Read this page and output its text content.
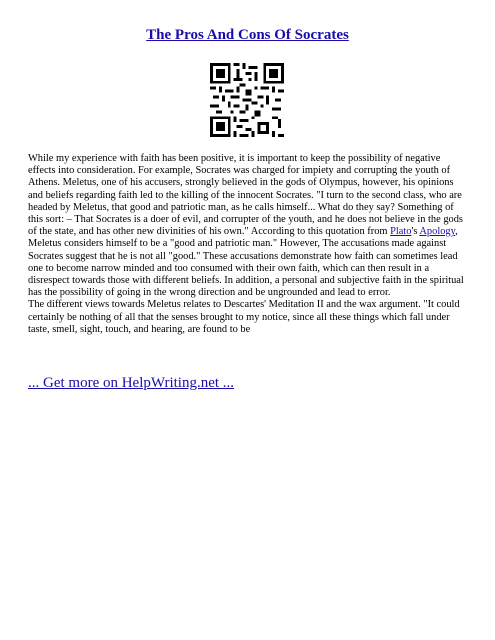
The Pros And Cons Of Socrates

While my experience with faith has been positive, it is important to keep the possibility of negative effects into consideration. For example, Socrates was charged for impiety and corrupting the youth of Athens. Meletus, one of his accusers, strongly believed in the gods of Olympus, however, his opinions and beliefs regarding faith led to the killing of the innocent Socrates. "I turn to the second class, who are headed by Meletus, that good and patriotic man, as he calls himself... What do they say? Something of this sort: – That Socrates is a doer of evil, and corrupter of the youth, and he does not believe in the gods of the state, and has other new divinities of his own." According to this quotation from Plato's Apology, Meletus considers himself to be a "good and patriotic man." However, The accusations made against Socrates suggest that he is not all "good." These accusations demonstrate how faith can sometimes lead one to become narrow minded and too consumed with their own faith, which can then result in a disrespect towards those with different beliefs. In addition, a personal and subjective faith in the spiritual has the possibility of going in the wrong direction and be ungrounded and lead to error.

The different views towards Meletus relates to Descartes' Meditation II and the wax argument. "It could certainly be nothing of all that the senses brought to my notice, since all these things which fall under taste, smell, sight, touch, and hearing, are found to be

... Get more on HelpWriting.net ...
